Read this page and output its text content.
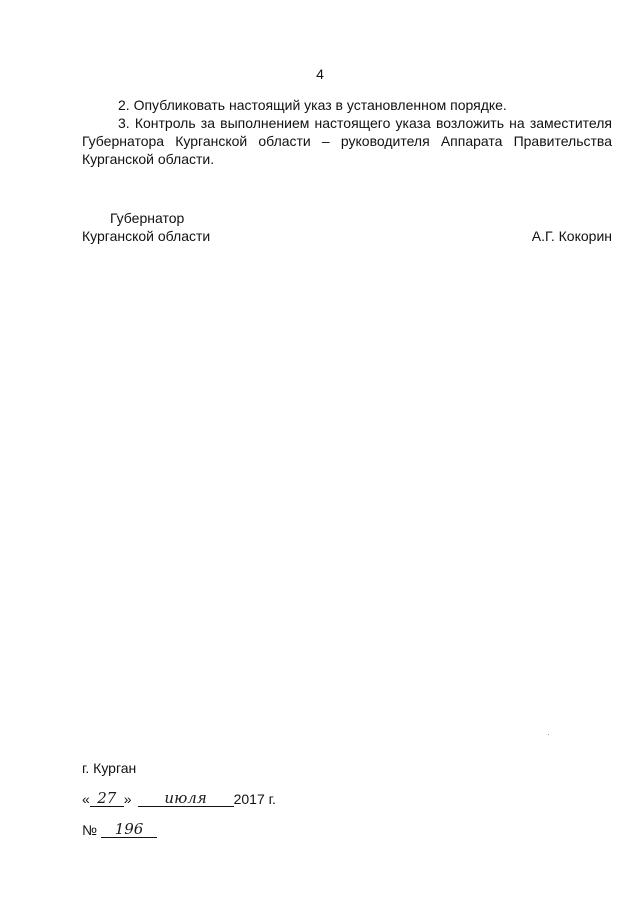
4

2. Опубликовать настоящий указ в установленном порядке.

3. Контроль за выполнением настоящего указа возложить на заместителя Губернатора Курганской области – руководителя Аппарата Правительства Курганской области.

Губернатор
Курганской области	А.Г. Кокорин
г. Курган
« 27 »	июля	2017 г.
№	196
